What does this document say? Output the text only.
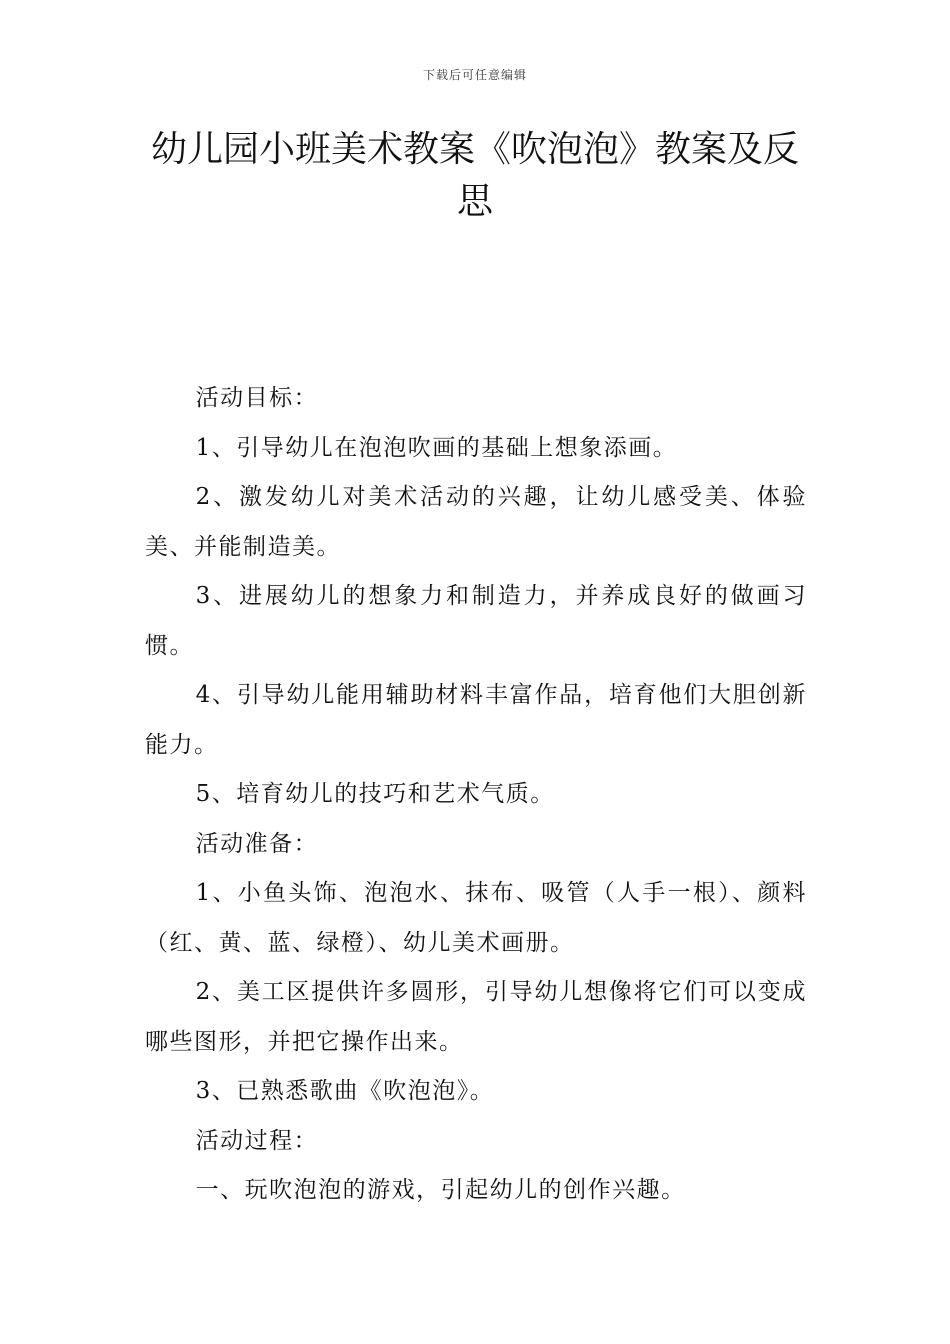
下载后可任意编辑
幼儿园小班美术教案《吹泡泡》教案及反思

活动目标：

1、引导幼儿在泡泡吹画的基础上想象添画。

2、激发幼儿对美术活动的兴趣，让幼儿感受美、体验美、并能制造美。

3、进展幼儿的想象力和制造力，并养成良好的做画习惯。

4、引导幼儿能用辅助材料丰富作品，培育他们大胆创新能力。

5、培育幼儿的技巧和艺术气质。

活动准备：

1、小鱼头饰、泡泡水、抹布、吸管（人手一根）、颜料（红、黄、蓝、绿橙）、幼儿美术画册。

2、美工区提供许多圆形，引导幼儿想像将它们可以变成哪些图形，并把它操作出来。

3、已熟悉歌曲《吹泡泡》。

活动过程：

一、玩吹泡泡的游戏，引起幼儿的创作兴趣。
